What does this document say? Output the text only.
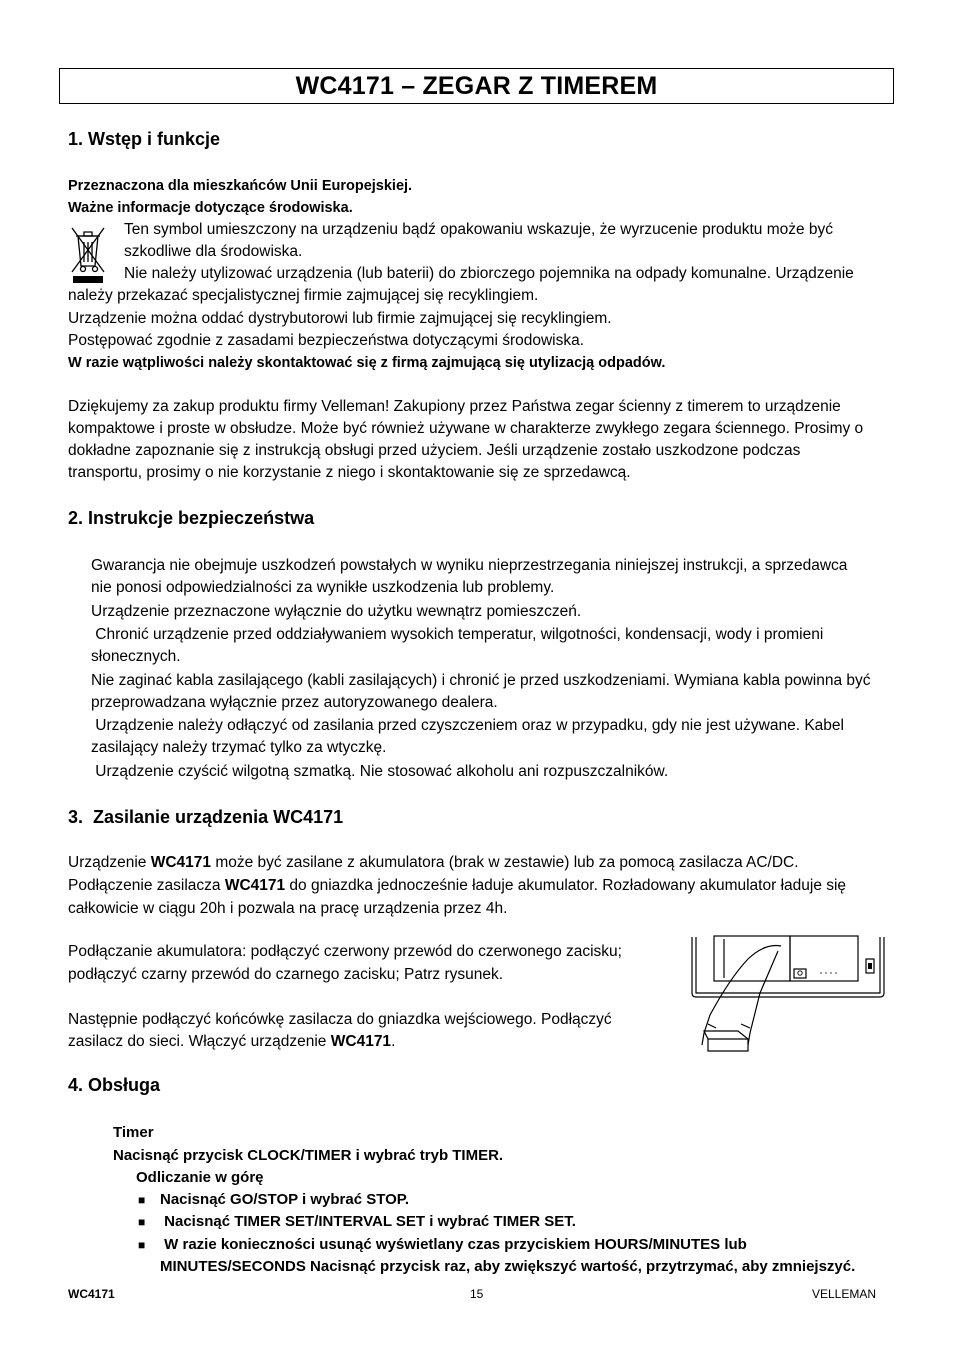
WC4171 – ZEGAR Z TIMEREM
1. Wstęp i funkcje
Przeznaczona dla mieszkańców Unii Europejskiej.
Ważne informacje dotyczące środowiska.
Ten symbol umieszczony na urządzeniu bądź opakowaniu wskazuje, że wyrzucenie produktu może być
szkodliwe dla środowiska.
Nie należy utylizować urządzenia (lub baterii) do zbiorczego pojemnika na odpady komunalne. Urządzenie
należy przekazać specjalistycznej firmie zajmującej się recyklingiem.
Urządzenie można oddać dystrybutorowi lub firmie zajmującej się recyklingiem.
Postępować zgodnie z zasadami bezpieczeństwa dotyczącymi środowiska.
W razie wątpliwości należy skontaktować się z firmą zajmującą się utylizacją odpadów.
Dziękujemy za zakup produktu firmy Velleman! Zakupiony przez Państwa zegar ścienny z timerem to urządzenie
kompaktowe i proste w obsłudze. Może być również używane w charakterze zwykłego zegara ściennego. Prosimy o
dokładne zapoznanie się z instrukcją obsługi przed użyciem. Jeśli urządzenie zostało uszkodzone podczas
transportu, prosimy o nie korzystanie z niego i skontaktowanie się ze sprzedawcą.
2. Instrukcje bezpieczeństwa
Gwarancja nie obejmuje uszkodzeń powstałych w wyniku nieprzestrzegania niniejszej instrukcji, a sprzedawca
nie ponosi odpowiedzialności za wynikłe uszkodzenia lub problemy.
Urządzenie przeznaczone wyłącznie do użytku wewnątrz pomieszczeń.
Chronić urządzenie przed oddziaływaniem wysokich temperatur, wilgotności, kondensacji, wody i promieni
słonecznych.
Nie zaginać kabla zasilającego (kabli zasilających) i chronić je przed uszkodzeniami. Wymiana kabla powinna być
przeprowadzana wyłącznie przez autoryzowanego dealera.
Urządzenie należy odłączyć od zasilania przed czyszczeniem oraz w przypadku, gdy nie jest używane. Kabel
zasilający należy trzymać tylko za wtyczkę.
Urządzenie czyścić wilgotną szmatką. Nie stosować alkoholu ani rozpuszczalników.
3.  Zasilanie urządzenia WC4171
Urządzenie WC4171 może być zasilane z akumulatora (brak w zestawie) lub za pomocą zasilacza AC/DC.
Podłączenie zasilacza WC4171 do gniazdka jednocześnie ładuje akumulator. Rozładowany akumulator ładuje się
całkowicie w ciągu 20h i pozwala na pracę urządzenia przez 4h.
Podłączanie akumulatora: podłączyć czerwony przewód do czerwonego zacisku;
podłączyć czarny przewód do czarnego zacisku; Patrz rysunek.
Następnie podłączyć końcówkę zasilacza do gniazdka wejściowego. Podłączyć
zasilacz do sieci. Włączyć urządzenie WC4171.
4. Obsługa
Timer
Nacisnąć przycisk CLOCK/TIMER i wybrać tryb TIMER.
Odliczanie w górę
■ Nacisnąć GO/STOP i wybrać STOP.
■ Nacisnąć TIMER SET/INTERVAL SET i wybrać TIMER SET.
■ W razie konieczności usunąć wyświetlany czas przyciskiem HOURS/MINUTES lub
MINUTES/SECONDS Nacisnąć przycisk raz, aby zwiększyć wartość, przytrzymać, aby zmniejszyć.
WC4171	15	VELLEMAN
